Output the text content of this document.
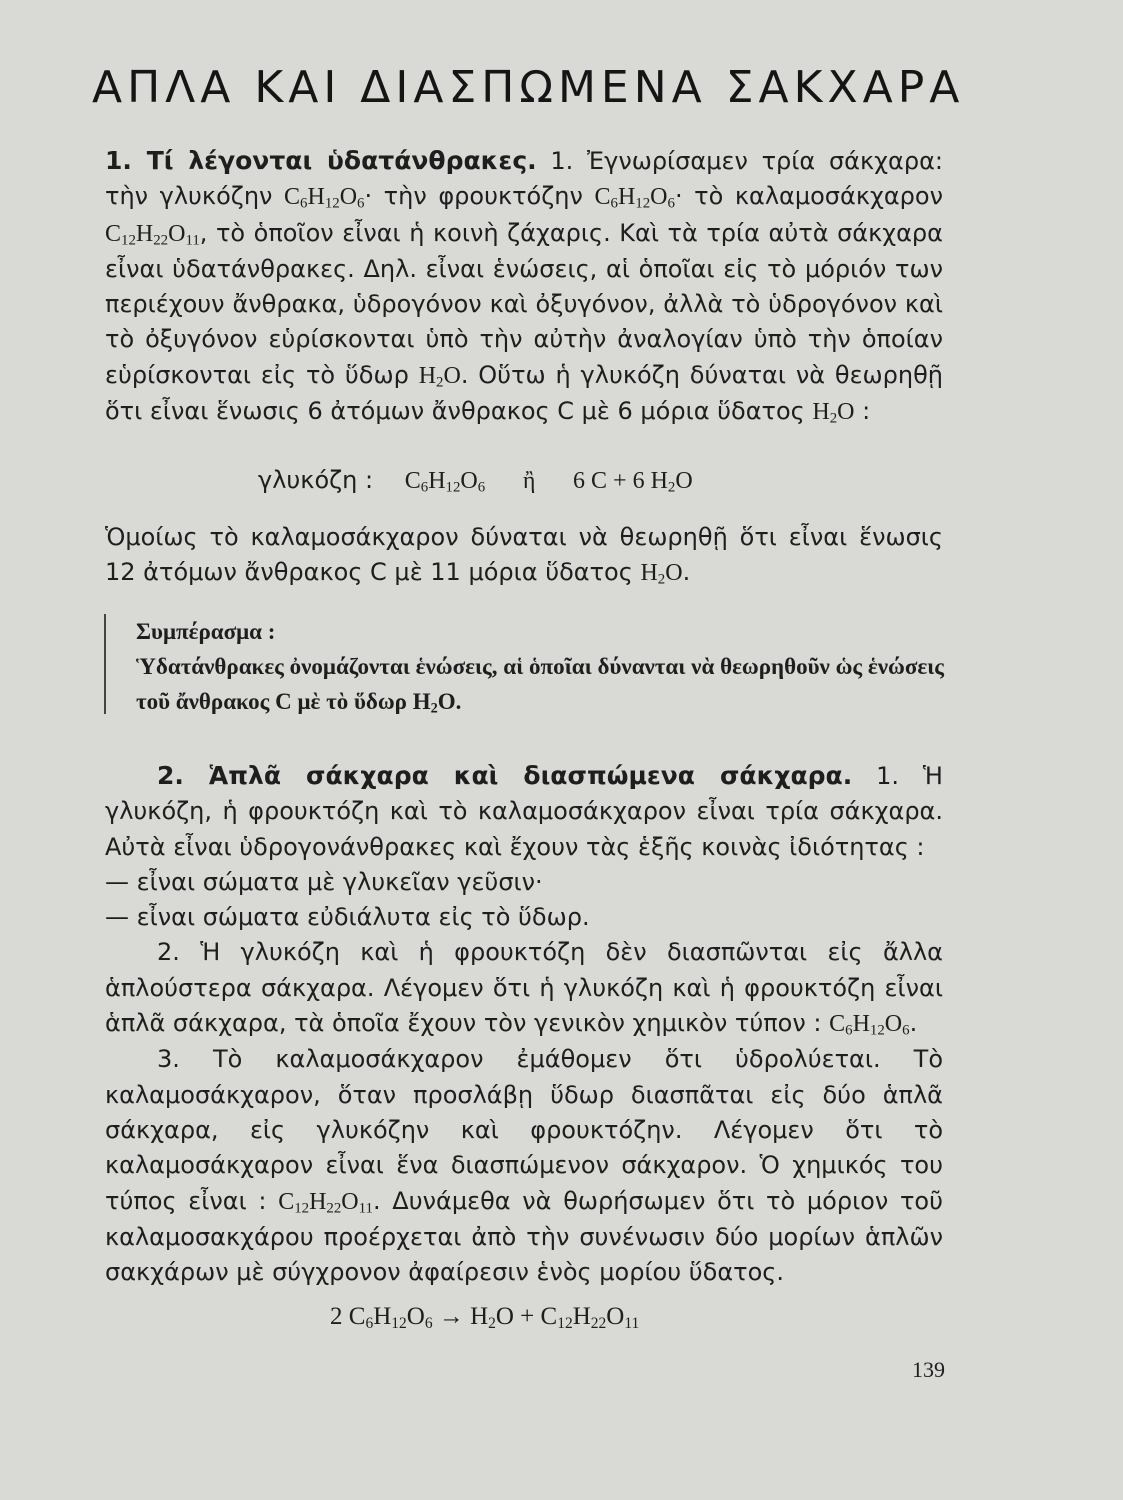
ΑΠΛΑ ΚΑΙ ΔΙΑΣΠΩΜΕΝΑ ΣΑΚΧΑΡΑ

1. Τί λέγονται ὑδατάνθρακες. 1. Ἐγνωρίσαμεν τρία σάκχαρα: τὴν γλυκόζην $C_6H_{12}O_6\cdot$ τὴν φρουκτόζην $C_6H_{12}O_6\cdot$ τὸ καλαμοσάκχαρον $C_{12}H_{22}O_{11}$, τὸ ὁποῖον εἶναι ἡ κοινὴ ζάχαρις. Καὶ τὰ τρία αὐτὰ σάκχαρα εἶναι ὑδατάνθρακες. Δηλ. εἶναι ἑνώσεις, αἱ ὁποῖαι εἰς τὸ μόριόν των περιέχουν ἄνθρακα, ὑδρογόνον καὶ ὀξυγόνον, ἀλλὰ τὸ ὑδρογόνον καὶ τὸ ὀξυγόνον εὑρίσκονται ὑπὸ τὴν αὐτὴν ἀναλογίαν ὑπὸ τὴν ὁποίαν εὑρίσκονται εἰς τὸ ὕδωρ $H_2O$. Οὕτω ἡ γλυκόζη δύναται νὰ θεωρηθῇ ὅτι εἶναι ἕνωσις 6 ἀτόμων ἄνθρακος C μὲ 6 μόρια ὕδατος $H_2O$ :

γλυκόζη : $C_6H_{12}O_6$ ἢ 6 C + 6 $H_2O$

Ὁμοίως τὸ καλαμοσάκχαρον δύναται νὰ θεωρηθῇ ὅτι εἶναι ἕνωσις 12 ἀτόμων ἄνθρακος C μὲ 11 μόρια ὕδατος $H_2O$.

Συμπέρασμα :
Ὑδατάνθρακες ὀνομάζονται ἑνώσεις, αἱ ὁποῖαι δύνανται νὰ θεωρηθοῦν ὡς ἑνώσεις τοῦ ἄνθρακος C μὲ τὸ ὕδωρ $H_2O$.
2. Ἁπλᾶ σάκχαρα καὶ διασπώμενα σάκχαρα. 1. Ἡ γλυκόζη, ἡ φρουκτόζη καὶ τὸ καλαμοσάκχαρον εἶναι τρία σάκχαρα. Αὐτὰ εἶναι ὑδρογονάνθρακες καὶ ἔχουν τὰς ἑξῆς κοινὰς ἰδιότητας :
— εἶναι σώματα μὲ γλυκεῖαν γεῦσιν·
— εἶναι σώματα εὐδιάλυτα εἰς τὸ ὕδωρ.
2. Ἡ γλυκόζη καὶ ἡ φρουκτόζη δὲν διασπῶνται εἰς ἄλλα ἁπλούστερα σάκχαρα. Λέγομεν ὅτι ἡ γλυκόζη καὶ ἡ φρουκτόζη εἶναι ἁπλᾶ σάκχαρα, τὰ ὁποῖα ἔχουν τὸν γενικὸν χημικὸν τύπον : $C_6H_{12}O_6$.
3. Τὸ καλαμοσάκχαρον ἐμάθομεν ὅτι ὑδρολύεται. Τὸ καλαμοσάκχαρον, ὅταν προσλάβῃ ὕδωρ διασπᾶται εἰς δύο ἁπλᾶ σάκχαρα, εἰς γλυκόζην καὶ φρουκτόζην. Λέγομεν ὅτι τὸ καλαμοσάκχαρον εἶναι ἕνα διασπώμενον σάκχαρον. Ὁ χημικός του τύπος εἶναι : $C_{12}H_{22}O_{11}$. Δυνάμεθα νὰ θωρήσωμεν ὅτι τὸ μόριον τοῦ καλαμοσακχάρου προέρχεται ἀπὸ τὴν συνένωσιν δύο μορίων ἁπλῶν σακχάρων μὲ σύγχρονον ἀφαίρεσιν ἑνὸς μορίου ὕδατος.
2 $C_6H_{12}O_6 \to H_2O + C_{12}H_{22}O_{11}$
139
